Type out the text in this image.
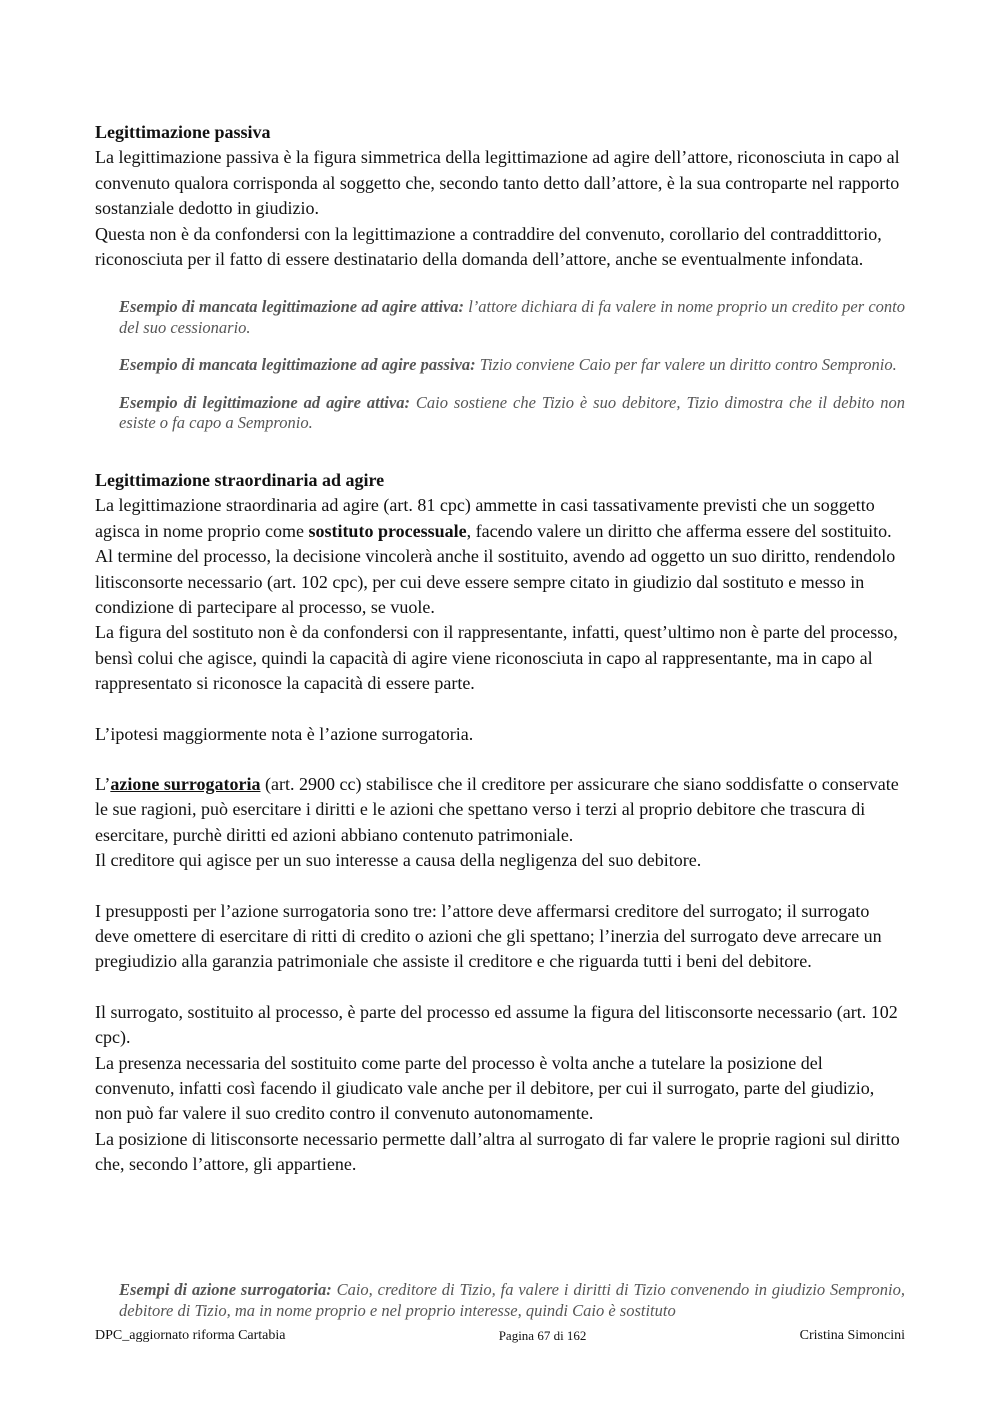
Legittimazione passiva

La legittimazione passiva è la figura simmetrica della legittimazione ad agire dell’attore, riconosciuta in capo al convenuto qualora corrisponda al soggetto che, secondo tanto detto dall’attore, è la sua controparte nel rapporto sostanziale dedotto in giudizio.

Questa non è da confondersi con la legittimazione a contraddire del convenuto, corollario del contraddittorio, riconosciuta per il fatto di essere destinatario della domanda dell’attore, anche se eventualmente infondata.

Esempio di mancata legittimazione ad agire attiva: l’attore dichiara di fa valere in nome proprio un credito per conto del suo cessionario.

Esempio di mancata legittimazione ad agire passiva: Tizio conviene Caio per far valere un diritto contro Sempronio.

Esempio di legittimazione ad agire attiva: Caio sostiene che Tizio è suo debitore, Tizio dimostra che il debito non esiste o fa capo a Sempronio.

Legittimazione straordinaria ad agire

La legittimazione straordinaria ad agire (art. 81 cpc) ammette in casi tassativamente previsti che un soggetto agisca in nome proprio come sostituto processuale, facendo valere un diritto che afferma essere del sostituito. Al termine del processo, la decisione vincolerà anche il sostituito, avendo ad oggetto un suo diritto, rendendolo litisconsorte necessario (art. 102 cpc), per cui deve essere sempre citato in giudizio dal sostituto e messo in condizione di partecipare al processo, se vuole.

La figura del sostituto non è da confondersi con il rappresentante, infatti, quest’ultimo non è parte del processo, bensì colui che agisce, quindi la capacità di agire viene riconosciuta in capo al rappresentante, ma in capo al rappresentato si riconosce la capacità di essere parte.

L’ipotesi maggiormente nota è l’azione surrogatoria.

L’azione surrogatoria (art. 2900 cc) stabilisce che il creditore per assicurare che siano soddisfatte o conservate le sue ragioni, può esercitare i diritti e le azioni che spettano verso i terzi al proprio debitore che trascura di esercitare, purchè diritti ed azioni abbiano contenuto patrimoniale.

Il creditore qui agisce per un suo interesse a causa della negligenza del suo debitore.

I presupposti per l’azione surrogatoria sono tre: l’attore deve affermarsi creditore del surrogato; il surrogato deve omettere di esercitare di ritti di credito o azioni che gli spettano; l’inerzia del surrogato deve arrecare un pregiudizio alla garanzia patrimoniale che assiste il creditore e che riguarda tutti i beni del debitore.

Il surrogato, sostituito al processo, è parte del processo ed assume la figura del litisconsorte necessario (art. 102 cpc).

La presenza necessaria del sostituito come parte del processo è volta anche a tutelare la posizione del convenuto, infatti così facendo il giudicato vale anche per il debitore, per cui il surrogato, parte del giudizio, non può far valere il suo credito contro il convenuto autonomamente.

La posizione di litisconsorte necessario permette dall’altra al surrogato di far valere le proprie ragioni sul diritto che, secondo l’attore, gli appartiene.

Esempi di azione surrogatoria: Caio, creditore di Tizio, fa valere i diritti di Tizio convenendo in giudizio Sempronio, debitore di Tizio, ma in nome proprio e nel proprio interesse, quindi Caio è sostituto

DPC_aggiornato riforma Cartabia	Pagina 67 di 162	Cristina Simoncini
